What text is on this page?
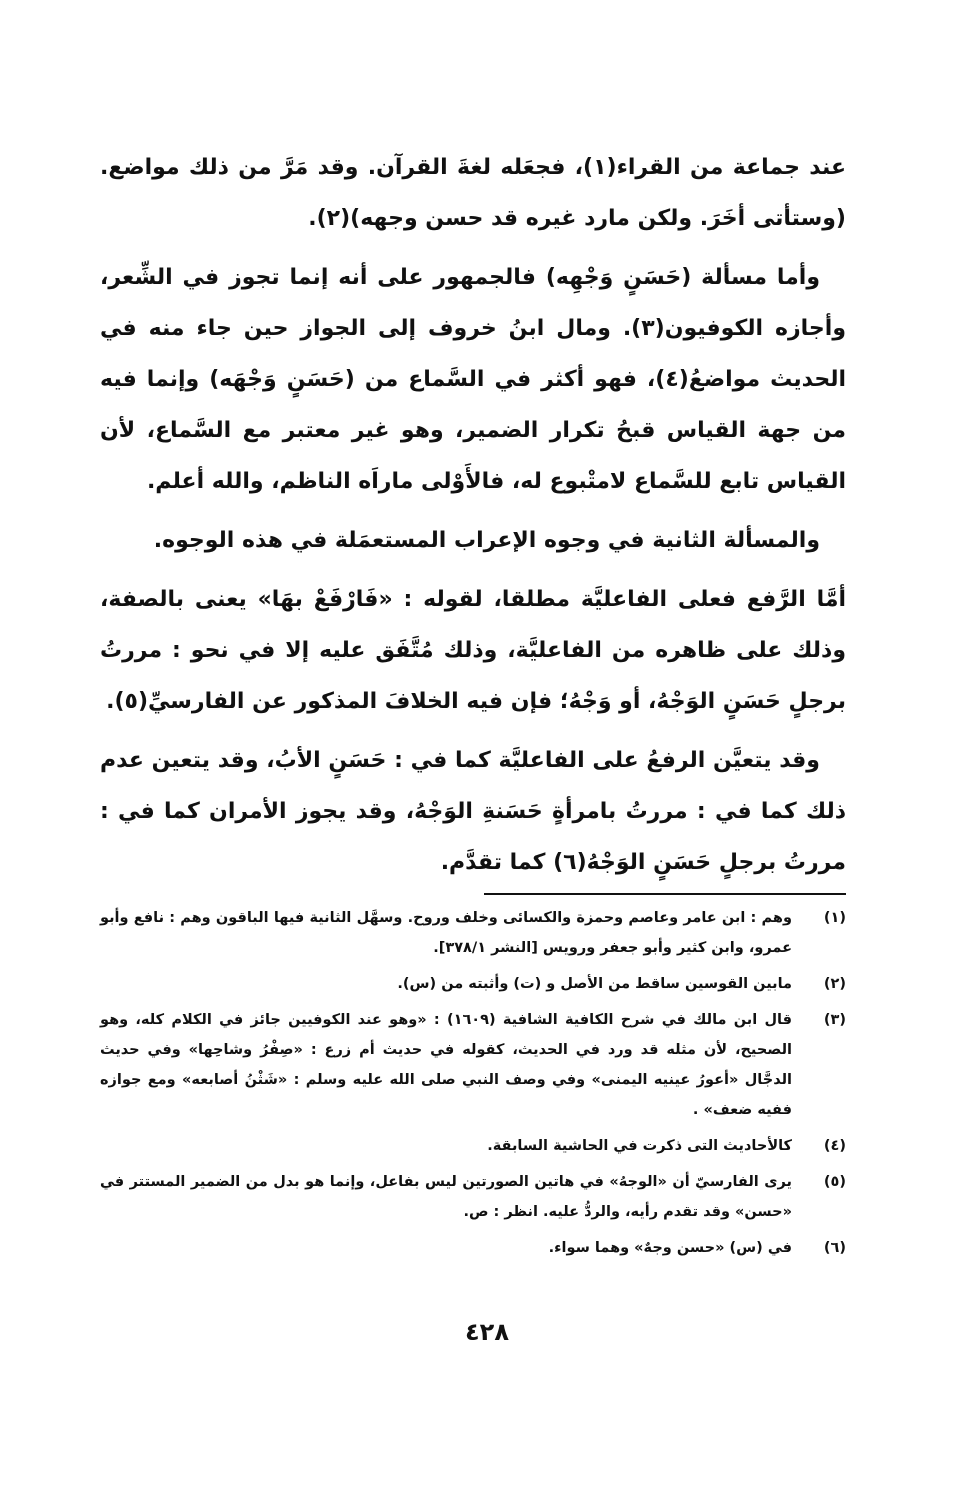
عند جماعة من القراء(١)، فجعَله لغةَ القرآن. وقد مَرَّ من ذلك مواضع. (وستأتى أخَرَ. ولكن مارد غيره قد حسن وجهه)(٢).

وأما مسألة (حَسَنٍ وَجْهِه) فالجمهور على أنه إنما تجوز في الشِّعر، وأجازه الكوفيون(٣). ومال ابنُ خروف إلى الجواز حين جاء منه في الحديث مواضعُ(٤)، فهو أكثر في السَّماع من (حَسَنٍ وَجْهَه) وإنما فيه من جهة القياس قبحُ تكرار الضمير، وهو غير معتبر مع السَّماع، لأن القياس تابع للسَّماع لامتْبوع له، فالأَوْلى ماراَه الناظم، والله أعلم.

والمسألة الثانية في وجوه الإعراب المستعمَلة في هذه الوجوه.

أمَّا الرَّفع فعلى الفاعليَّة مطلقا، لقوله : «فَارْفَعْ بهَا» يعنى بالصفة، وذلك على ظاهره من الفاعليَّة، وذلك مُتَّفَق عليه إلا في نحو : مررتُ برجلٍ حَسَنٍ الوَجْهُ، أو وَجْهُ؛ فإن فيه الخلافَ المذكور عن الفارسيِّ(٥).

وقد يتعيَّن الرفعُ على الفاعليَّة كما في : حَسَنٍ الأبُ، وقد يتعين عدم ذلك كما في : مررتُ بامرأةٍ حَسَنةِ الوَجْهُ، وقد يجوز الأمران كما في : مررتُ برجلٍ حَسَنٍ الوَجْهُ(٦) كما تقدَّم.

(١)
وهم : ابن عامر وعاصم وحمزة والكسائى وخلف وروح. وسهَّل الثانية فيها الباقون وهم : نافع وأبو عمرو، وابن كثير وأبو جعفر ورويس [النشر ٣٧٨/١].
(٢)
مابين القوسين ساقط من الأصل و (ت) وأثبته من (س).
(٣)
قال ابن مالك في شرح الكافية الشافية (١٦٠٩) : «وهو عند الكوفيين جائز في الكلام كله، وهو الصحيح، لأن مثله قد ورد في الحديث، كقوله في حديث أم زرع : «صِفْرُ وشاحِها» وفي حديث الدجَّال «أعورُ عينيه اليمنى» وفي وصف النبي صلى الله عليه وسلم : «شَثْنُ أصابعه» ومع جوازه ففيه ضعف» .
(٤)
كالأحاديث التى ذكرت في الحاشية السابقة.
(٥)
يرى الفارسيّ أن «الوجهُ» في هاتين الصورتين ليس بفاعل، وإنما هو بدل من الضمير المستتر في «حسن» وقد تقدم رأيه، والردُّ عليه. انظر : ص.
(٦)
في (س) «حسن وجهٌ» وهما سواء.
٤٢٨
